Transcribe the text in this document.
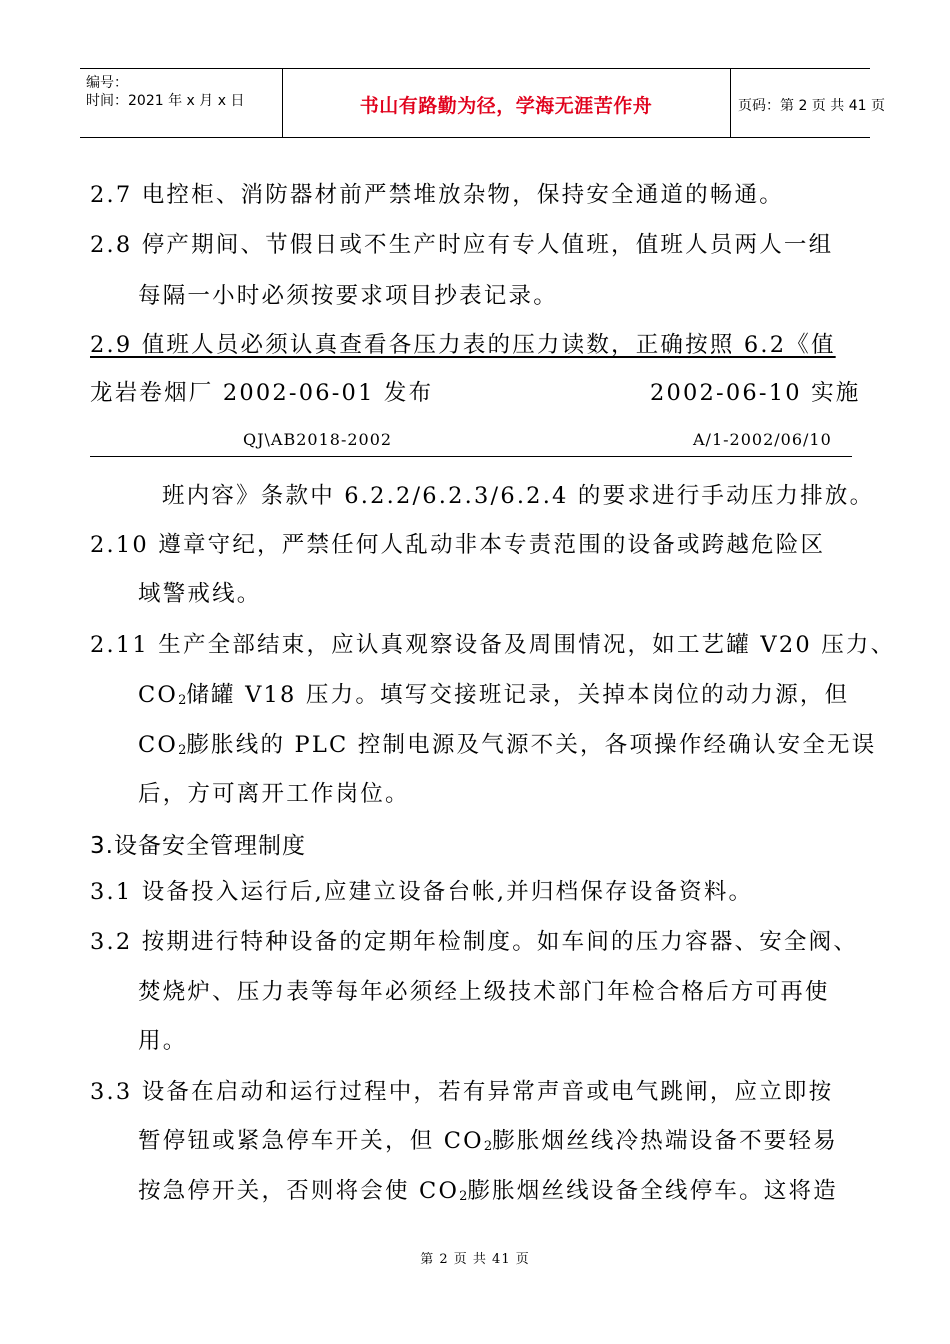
编号：
时间：2021 年 x 月 x 日	书山有路勤为径，学海无涯苦作舟	页码：第 2 页 共 41 页
2.7 电控柜、消防器材前严禁堆放杂物，保持安全通道的畅通。
2.8 停产期间、节假日或不生产时应有专人值班，值班人员两人一组
每隔一小时必须按要求项目抄表记录。
2.9 值班人员必须认真查看各压力表的压力读数，正确按照 6.2《值
龙岩卷烟厂 2002-06-01 发布	2002-06-10 实施
QJ\AB2018-2002	A/1-2002/06/10
班内容》条款中 6.2.2/6.2.3/6.2.4 的要求进行手动压力排放。
2.10 遵章守纪，严禁任何人乱动非本专责范围的设备或跨越危险区
域警戒线。
2.11 生产全部结束，应认真观察设备及周围情况，如工艺罐 V20 压力、
$CO_2$储罐 V18 压力。填写交接班记录，关掉本岗位的动力源，但
$CO_2$膨胀线的 PLC 控制电源及气源不关，各项操作经确认安全无误
后，方可离开工作岗位。
3.设备安全管理制度
3.1 设备投入运行后,应建立设备台帐,并归档保存设备资料。
3.2 按期进行特种设备的定期年检制度。如车间的压力容器、安全阀、
焚烧炉、压力表等每年必须经上级技术部门年检合格后方可再使
用。
3.3 设备在启动和运行过程中，若有异常声音或电气跳闸，应立即按
暂停钮或紧急停车开关，但 $CO_2$膨胀烟丝线冷热端设备不要轻易
按急停开关，否则将会使 $CO_2$膨胀烟丝线设备全线停车。这将造
第 2 页 共 41 页
